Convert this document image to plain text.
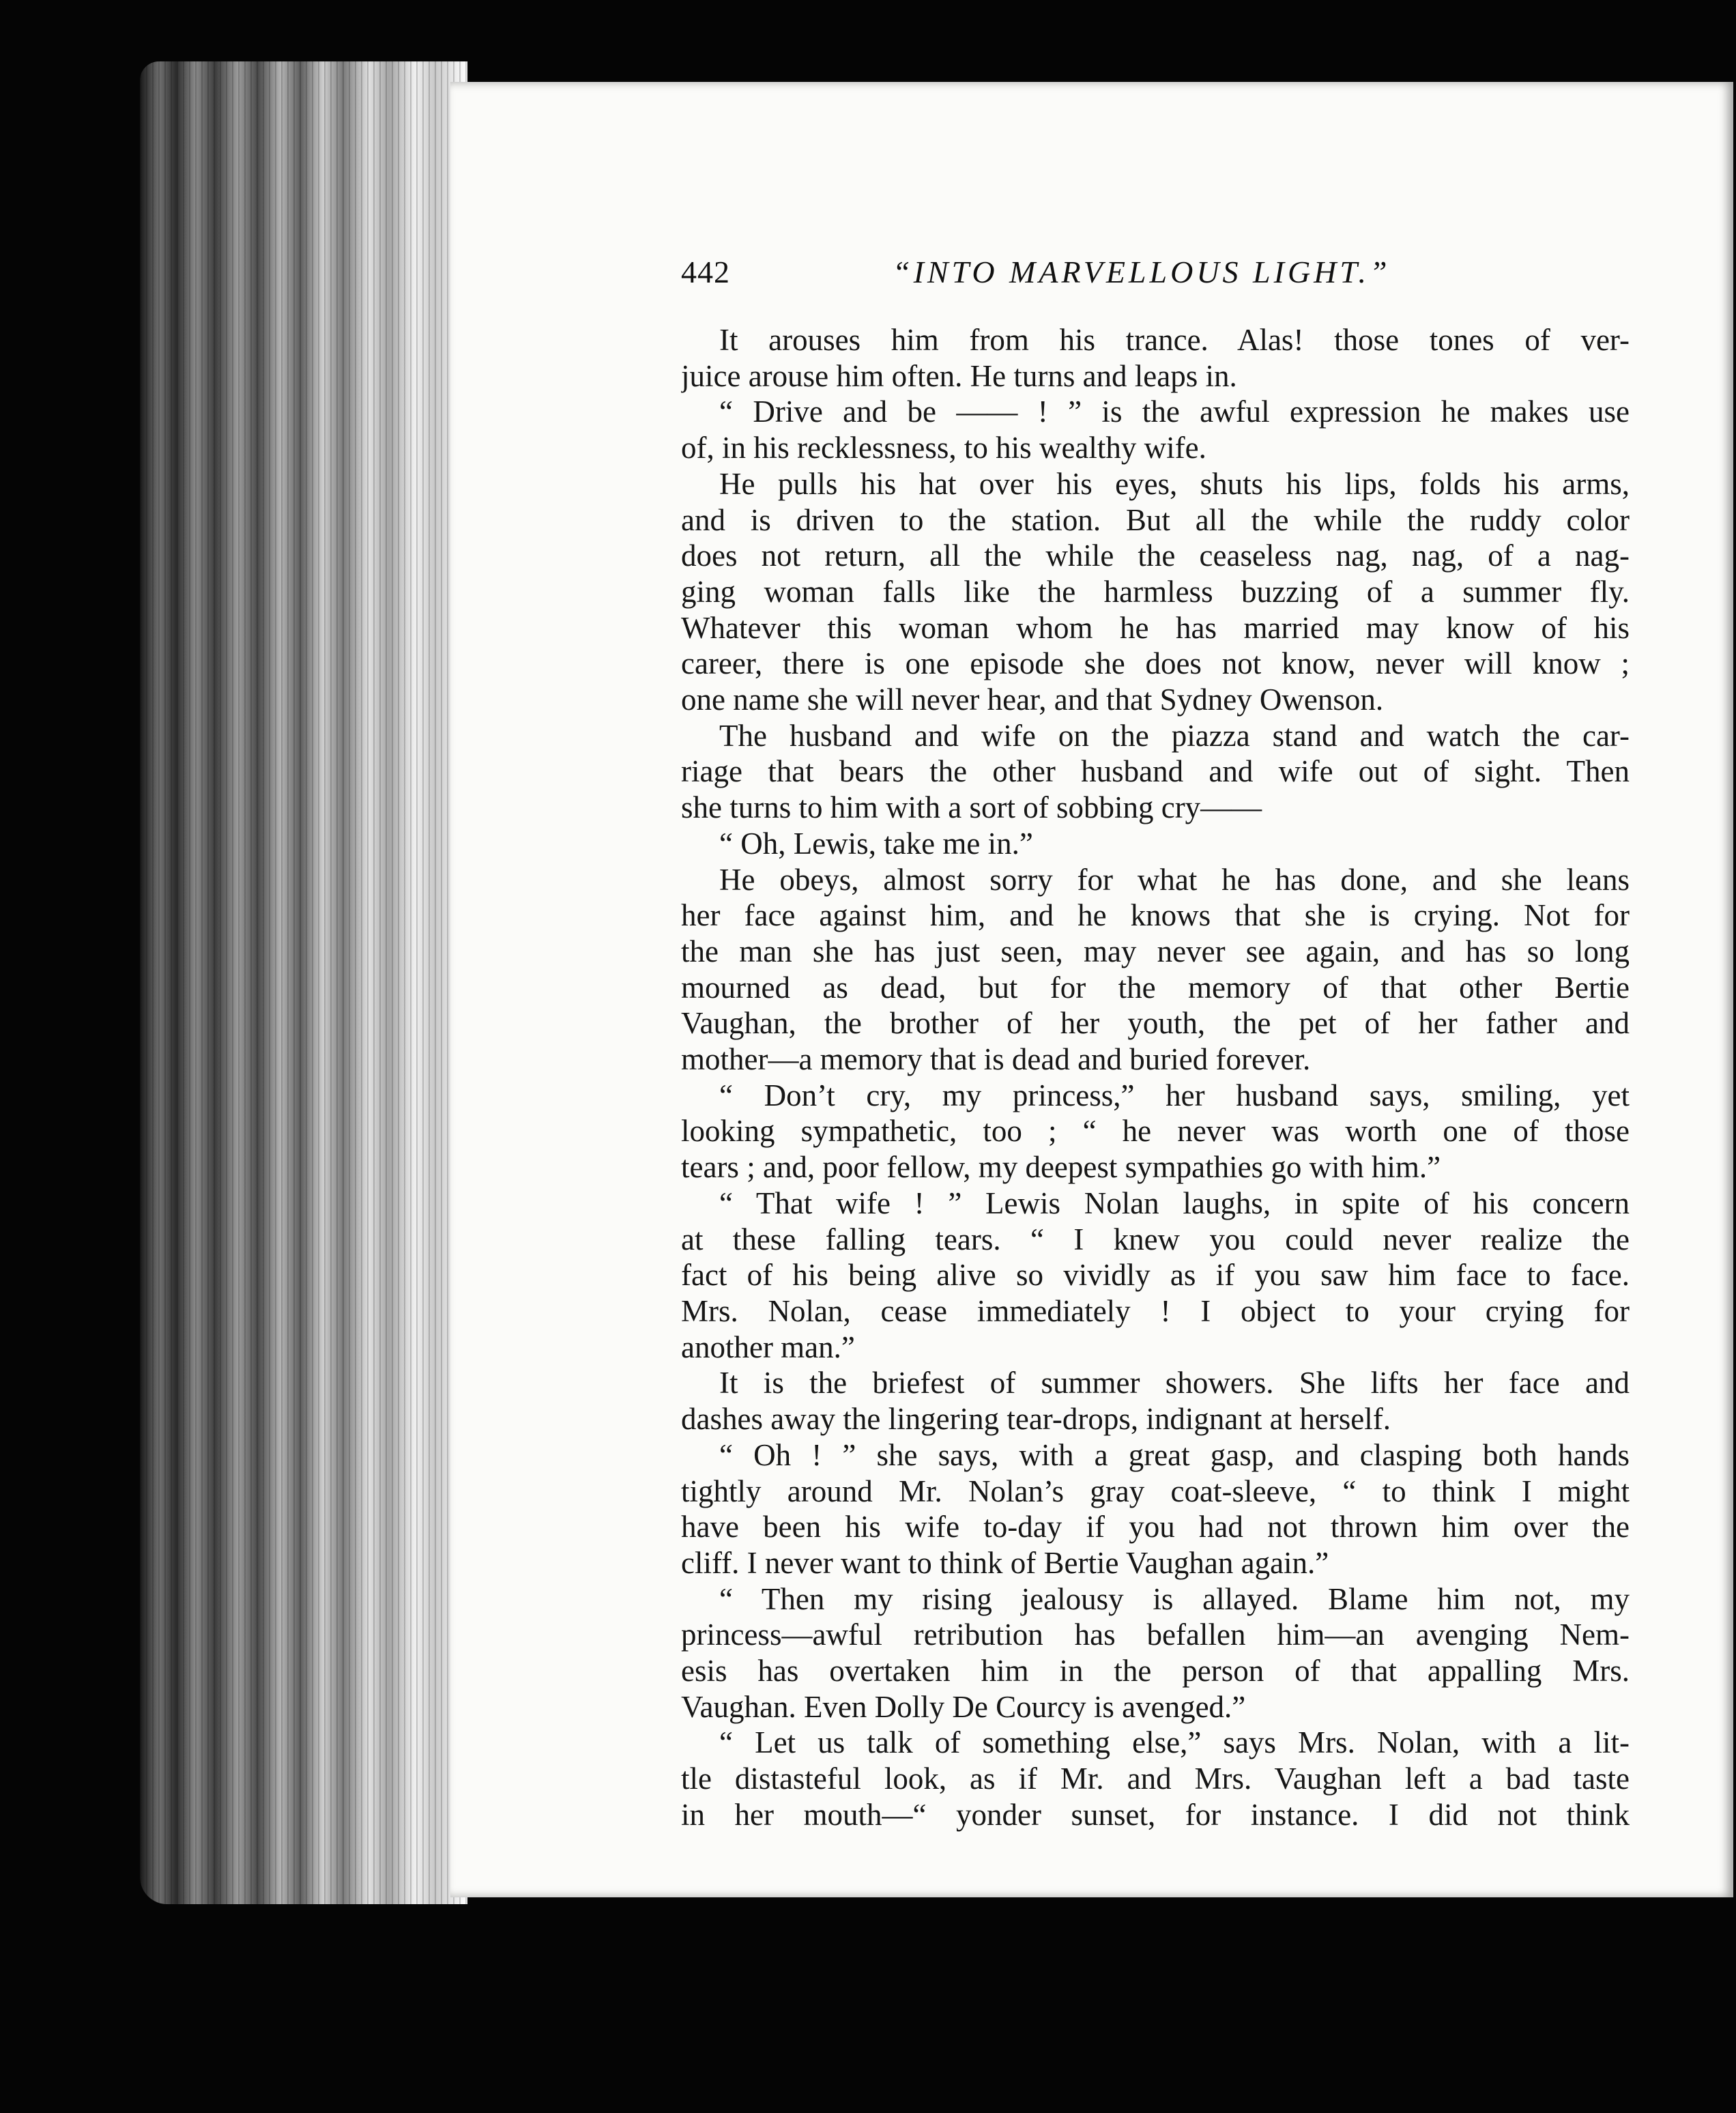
442	“INTO MARVELLOUS LIGHT.”
It arouses him from his trance. Alas! those tones of ver-
juice arouse him often. He turns and leaps in.
“ Drive and be —— ! ” is the awful expression he makes use
of, in his recklessness, to his wealthy wife.
He pulls his hat over his eyes, shuts his lips, folds his arms,
and is driven to the station. But all the while the ruddy color
does not return, all the while the ceaseless nag, nag, of a nag-
ging woman falls like the harmless buzzing of a summer fly.
Whatever this woman whom he has married may know of his
career, there is one episode she does not know, never will know ;
one name she will never hear, and that Sydney Owenson.
The husband and wife on the piazza stand and watch the car-
riage that bears the other husband and wife out of sight. Then
she turns to him with a sort of sobbing cry——
“ Oh, Lewis, take me in.”
He obeys, almost sorry for what he has done, and she leans
her face against him, and he knows that she is crying. Not for
the man she has just seen, may never see again, and has so long
mourned as dead, but for the memory of that other Bertie
Vaughan, the brother of her youth, the pet of her father and
mother—a memory that is dead and buried forever.
“ Don’t cry, my princess,” her husband says, smiling, yet
looking sympathetic, too ; “ he never was worth one of those
tears ; and, poor fellow, my deepest sympathies go with him.”
“ That wife ! ” Lewis Nolan laughs, in spite of his concern
at these falling tears. “ I knew you could never realize the
fact of his being alive so vividly as if you saw him face to face.
Mrs. Nolan, cease immediately ! I object to your crying for
another man.”
It is the briefest of summer showers. She lifts her face and
dashes away the lingering tear-drops, indignant at herself.
“ Oh ! ” she says, with a great gasp, and clasping both hands
tightly around Mr. Nolan’s gray coat-sleeve, “ to think I might
have been his wife to-day if you had not thrown him over the
cliff. I never want to think of Bertie Vaughan again.”
“ Then my rising jealousy is allayed. Blame him not, my
princess—awful retribution has befallen him—an avenging Nem-
esis has overtaken him in the person of that appalling Mrs.
Vaughan. Even Dolly De Courcy is avenged.”
“ Let us talk of something else,” says Mrs. Nolan, with a lit-
tle distasteful look, as if Mr. and Mrs. Vaughan left a bad taste
in her mouth—“ yonder sunset, for instance. I did not think
